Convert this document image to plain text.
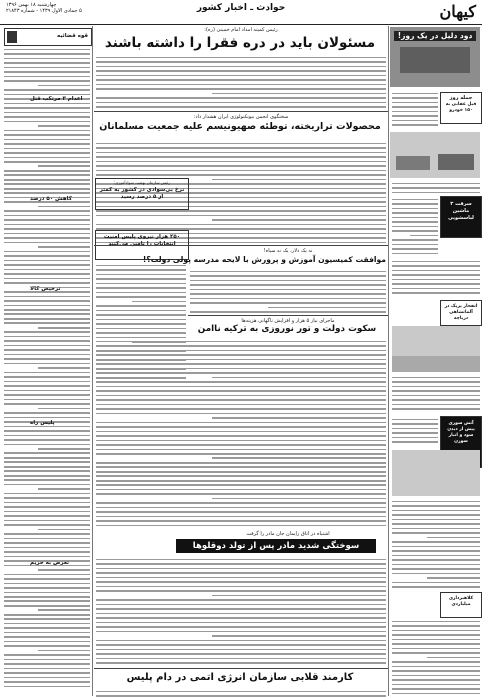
کیهان
حوادث ـ اخبار کشور
چهارشنبه ۱۸ بهمن ۱۳۹۶
۵ جمادی الاول ۱۴۳۹ - شماره ۲۱۸۴۳
قوه قضائیه
اعدام ۳ مرتکب قتل
کاهش ۵۰ درصد
ترخیص کالا
پلیس راه
تعرض به حریم
رئیس کمیته امداد امام خمینی (ره):
مسئولان باید در دره فقرا را داشته باشند
سخنگوی انجمن بیوتکنولوژی ایران هشدار داد:
محصولات تراریخته، توطئه صهیونیسم علیه جمعیت مسلمانان
رئیس سازمان نهضت سوادآموزی:
نرخ بی‌سوادی در کشور به کمتر از ۵ درصد رسید
۲۵۰ هزار نیروی پلیس امنیت انتخابات را تامین می‌کنند
نه یک دلار، یک نه سیاه!
موافقت کمیسیون آموزش و پرورش با لایحه مدرسه پولی دولت؟!
ماجرای نیاز ۵ هزار و افزایش ناگهانی هزینه‌ها
سکوت دولت و تور نوروزی به ترکیه ناامن
اشتباه در اتاق زایمان جان مادر را گرفت
سوختگی شدید مادر پس از تولد دوقلوها
کارمند قلابی سازمان انرژی اتمی در دام پلیس
دود دلیل در یک روز!
جمله روز
قبل عقابی به ۱۵۰ خودرو
سرقت ۳ ماشین لباسشویی
انفجار پرپک در آلمانشاهی دریاچه
آتش سوزی پیش از دیدن سود و انبار سوزن
کلاهبرداری میلیاردی
